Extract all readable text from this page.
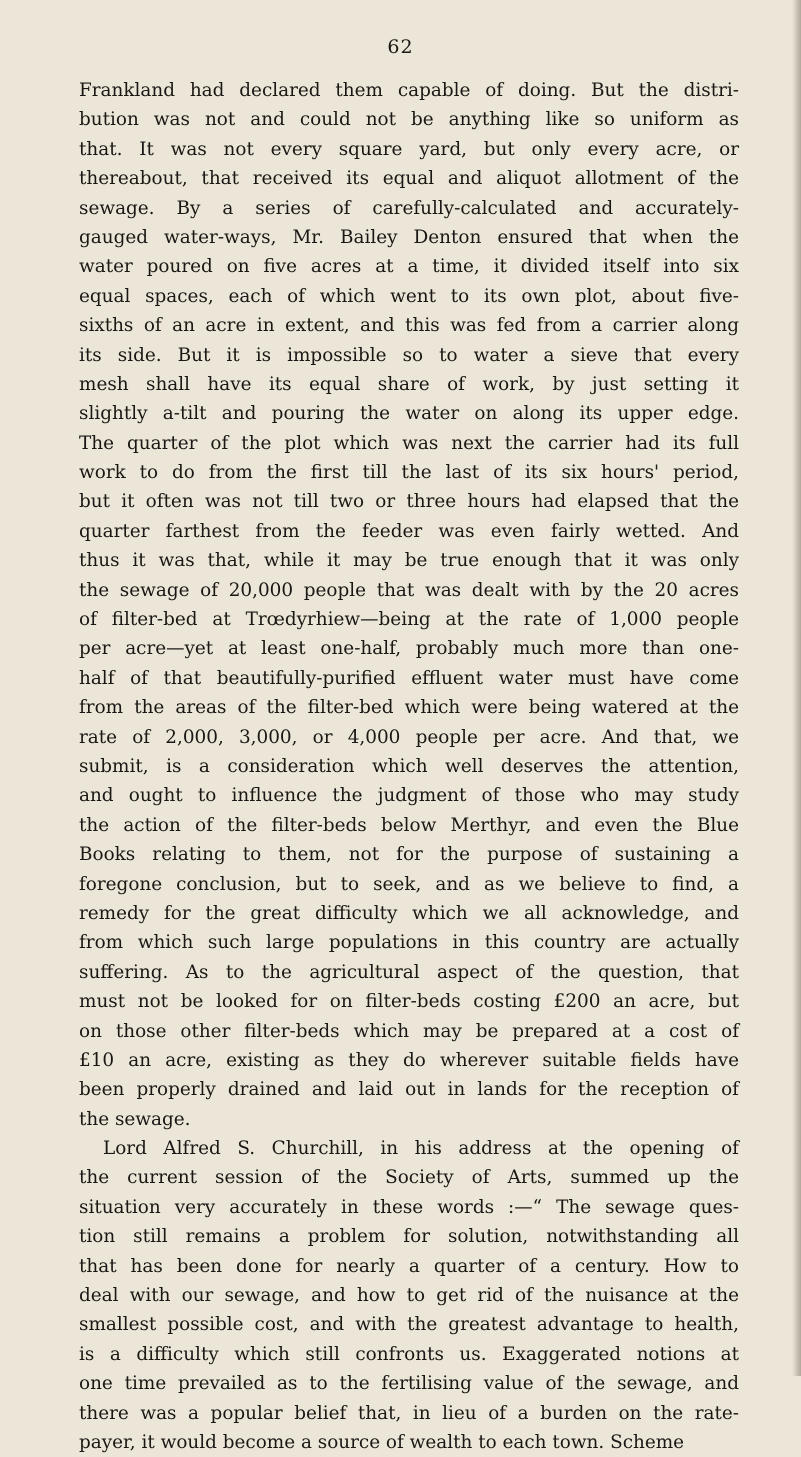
62
Frankland had declared them capable of doing. But the distri-
bution was not and could not be anything like so uniform as
that. It was not every square yard, but only every acre, or
thereabout, that received its equal and aliquot allotment of the
sewage. By a series of carefully-calculated and accurately-
gauged water-ways, Mr. Bailey Denton ensured that when the
water poured on five acres at a time, it divided itself into six
equal spaces, each of which went to its own plot, about five-
sixths of an acre in extent, and this was fed from a carrier along
its side. But it is impossible so to water a sieve that every
mesh shall have its equal share of work, by just setting it
slightly a-tilt and pouring the water on along its upper edge.
The quarter of the plot which was next the carrier had its full
work to do from the first till the last of its six hours' period,
but it often was not till two or three hours had elapsed that the
quarter farthest from the feeder was even fairly wetted. And
thus it was that, while it may be true enough that it was only
the sewage of 20,000 people that was dealt with by the 20 acres
of filter-bed at Trœdyrhiew—being at the rate of 1,000 people
per acre—yet at least one-half, probably much more than one-
half of that beautifully-purified effluent water must have come
from the areas of the filter-bed which were being watered at the
rate of 2,000, 3,000, or 4,000 people per acre. And that, we
submit, is a consideration which well deserves the attention,
and ought to influence the judgment of those who may study
the action of the filter-beds below Merthyr, and even the Blue
Books relating to them, not for the purpose of sustaining a
foregone conclusion, but to seek, and as we believe to find, a
remedy for the great difficulty which we all acknowledge, and
from which such large populations in this country are actually
suffering. As to the agricultural aspect of the question, that
must not be looked for on filter-beds costing £200 an acre, but
on those other filter-beds which may be prepared at a cost of
£10 an acre, existing as they do wherever suitable fields have
been properly drained and laid out in lands for the reception of
the sewage.
Lord Alfred S. Churchill, in his address at the opening of
the current session of the Society of Arts, summed up the
situation very accurately in these words :—“ The sewage ques-
tion still remains a problem for solution, notwithstanding all
that has been done for nearly a quarter of a century. How to
deal with our sewage, and how to get rid of the nuisance at the
smallest possible cost, and with the greatest advantage to health,
is a difficulty which still confronts us. Exaggerated notions at
one time prevailed as to the fertilising value of the sewage, and
there was a popular belief that, in lieu of a burden on the rate-
payer, it would become a source of wealth to each town. Scheme
